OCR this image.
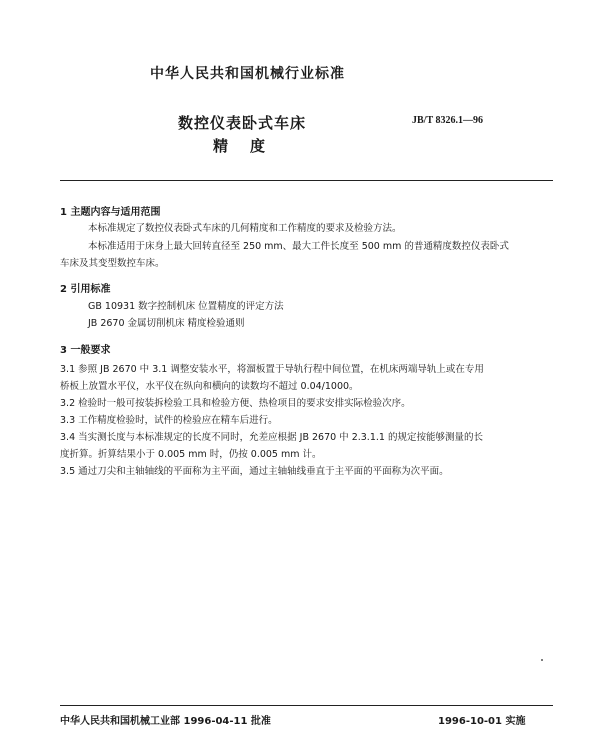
中华人民共和国机械行业标准
数控仪表卧式车床
精度
JB/T 8326.1—96
1 主题内容与适用范围
本标准规定了数控仪表卧式车床的几何精度和工作精度的要求及检验方法。
本标准适用于床身上最大回转直径至 250 mm、最大工件长度至 500 mm 的普通精度数控仪表卧式
车床及其变型数控车床。
2 引用标准
GB 10931 数字控制机床 位置精度的评定方法
JB 2670 金属切削机床 精度检验通则
3 一般要求
3.1 参照 JB 2670 中 3.1 调整安装水平，将溜板置于导轨行程中间位置，在机床两端导轨上或在专用
桥板上放置水平仪，水平仪在纵向和横向的读数均不超过 0.04/1000。
3.2 检验时一般可按装拆检验工具和检验方便、热检项目的要求安排实际检验次序。
3.3 工作精度检验时，试件的检验应在精车后进行。
3.4 当实测长度与本标准规定的长度不同时，允差应根据 JB 2670 中 2.3.1.1 的规定按能够测量的长
度折算。折算结果小于 0.005 mm 时，仍按 0.005 mm 计。
3.5 通过刀尖和主轴轴线的平面称为主平面，通过主轴轴线垂直于主平面的平面称为次平面。
中华人民共和国机械工业部 1996-04-11 批准	1996-10-01 实施
